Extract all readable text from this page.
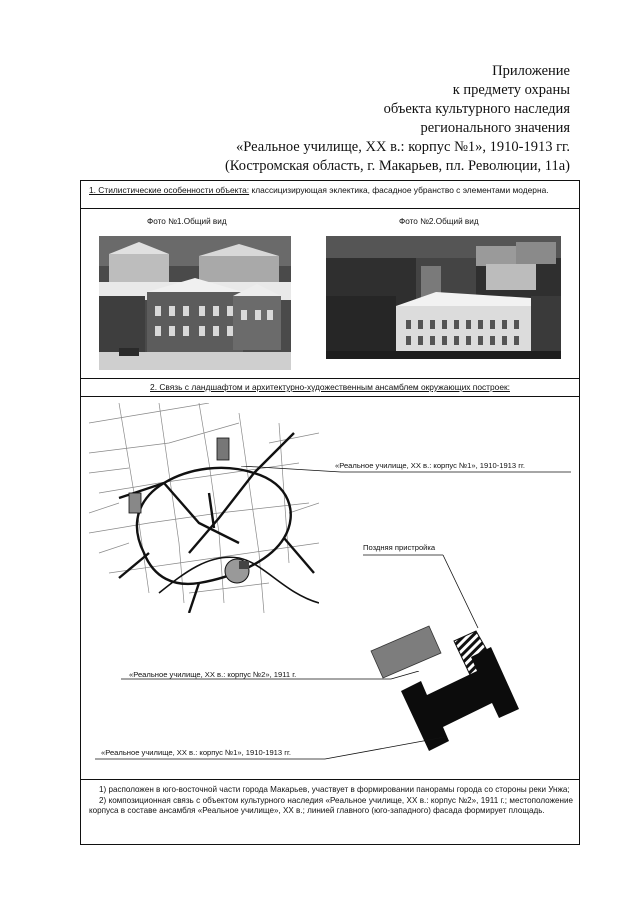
Приложение
к предмету охраны
объекта культурного наследия
регионального значения
«Реальное училище, XX в.: корпус №1», 1910-1913 гг.
(Костромская область, г. Макарьев, пл. Революции, 11а)
1. Стилистические особенности объекта: классицизирующая эклектика, фасадное убранство с элементами модерна.
Фото №1.Общий вид	Фото №2.Общий вид
2. Связь с ландшафтом и архитектурно-художественным ансамблем окружающих построек:
«Реальное училище, XX в.: корпус №1», 1910-1913 гг.
Поздняя пристройка
«Реальное училище, XX в.: корпус №2», 1911 г.
«Реальное училище, XX в.: корпус №1», 1910-1913 гг.

1) расположен в юго-восточной части города Макарьев, участвует в формировании панорамы города со стороны реки Унжа;

2) композиционная связь с объектом культурного наследия «Реальное училище, XX в.: корпус №2», 1911 г.; местоположение корпуса в составе ансамбля «Реальное училище», XX в.; линией главного (юго-западного) фасада формирует площадь.
